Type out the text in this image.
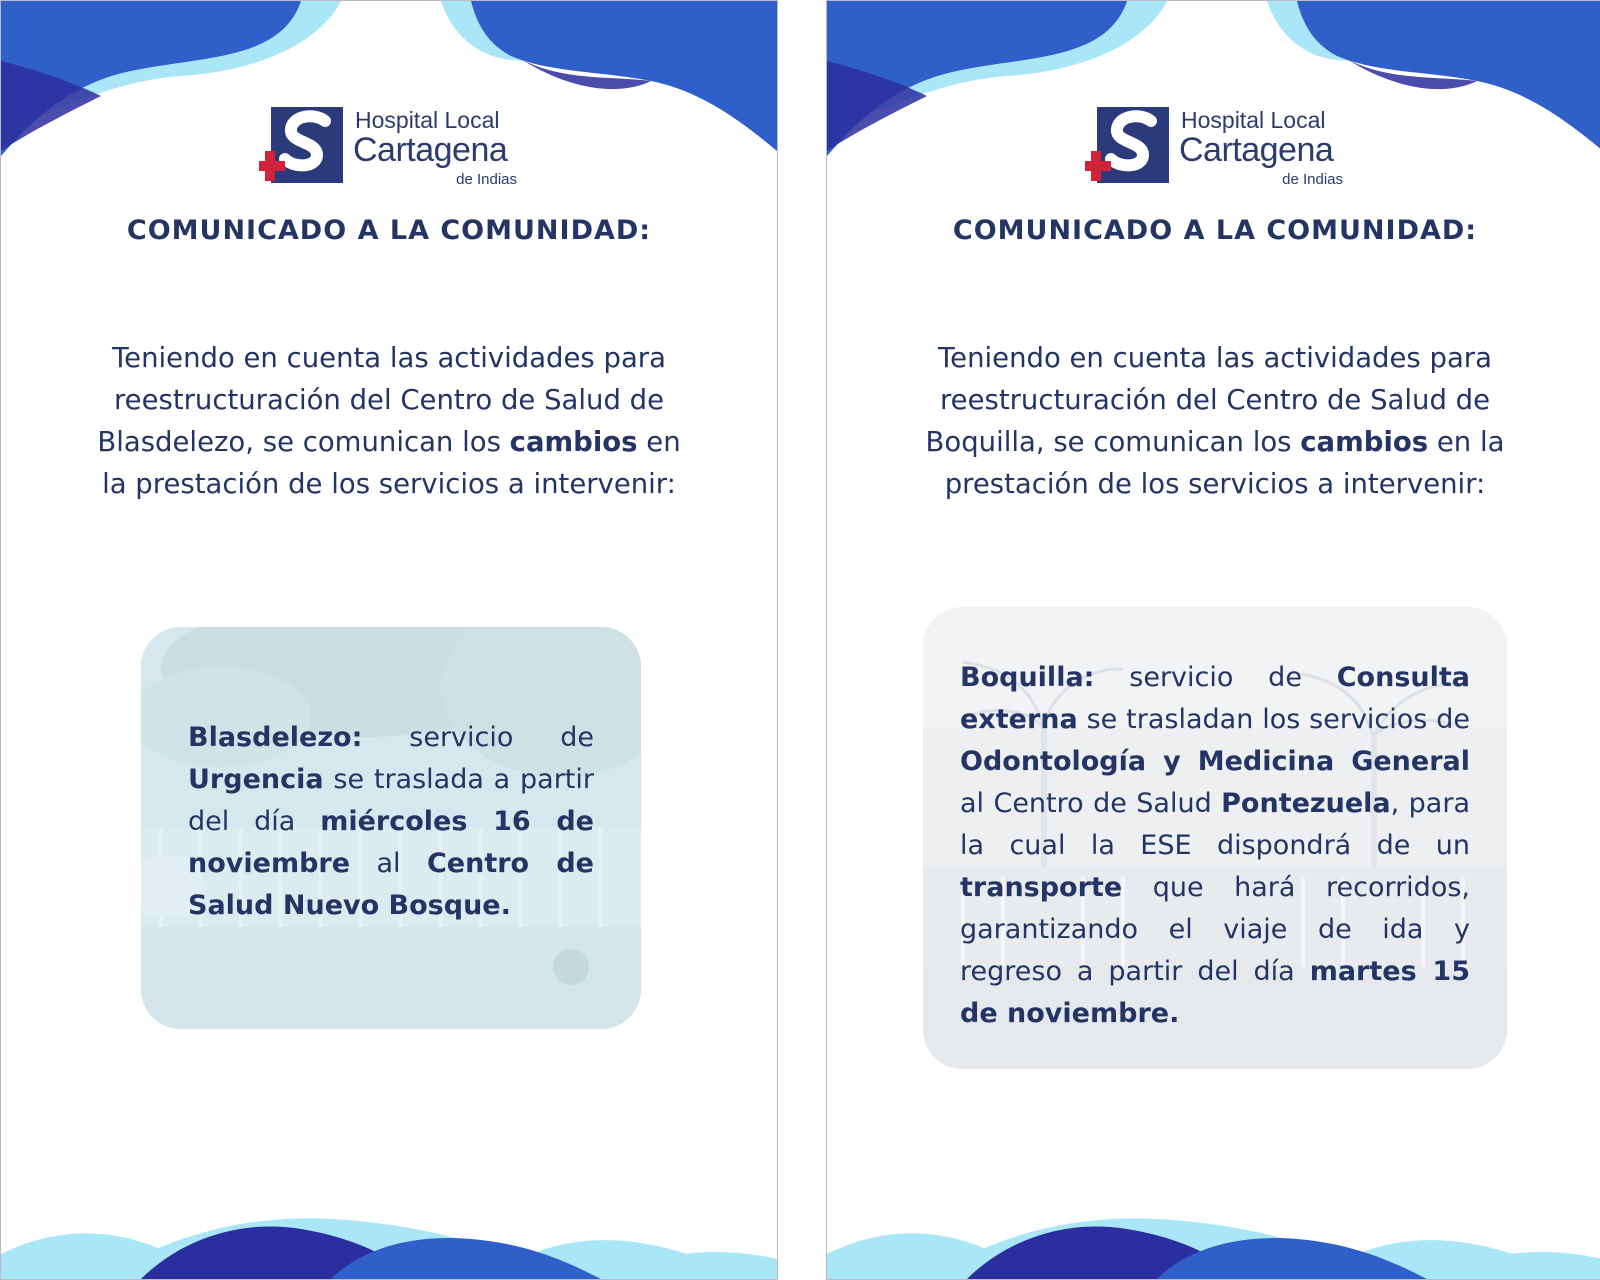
Hospital Local
Cartagena
de Indias
COMUNICADO A LA COMUNIDAD:

Teniendo en cuenta las actividades para reestructuración del Centro de Salud de Blasdelezo, se comunican los cambios en la prestación de los servicios a intervenir:

Blasdelezo: servicio de Urgencia se traslada a partir del día miércoles 16 de noviembre al Centro de Salud Nuevo Bosque.

Hospital Local
Cartagena
de Indias
COMUNICADO A LA COMUNIDAD:

Teniendo en cuenta las actividades para reestructuración del Centro de Salud de Boquilla, se comunican los cambios en la prestación de los servicios a intervenir:

Boquilla: servicio de Consulta externa se trasladan los servicios de Odontología y Medicina General al Centro de Salud Pontezuela, para la cual la ESE dispondrá de un transporte que hará recorridos, garantizando el viaje de ida y regreso a partir del día martes 15 de noviembre.
